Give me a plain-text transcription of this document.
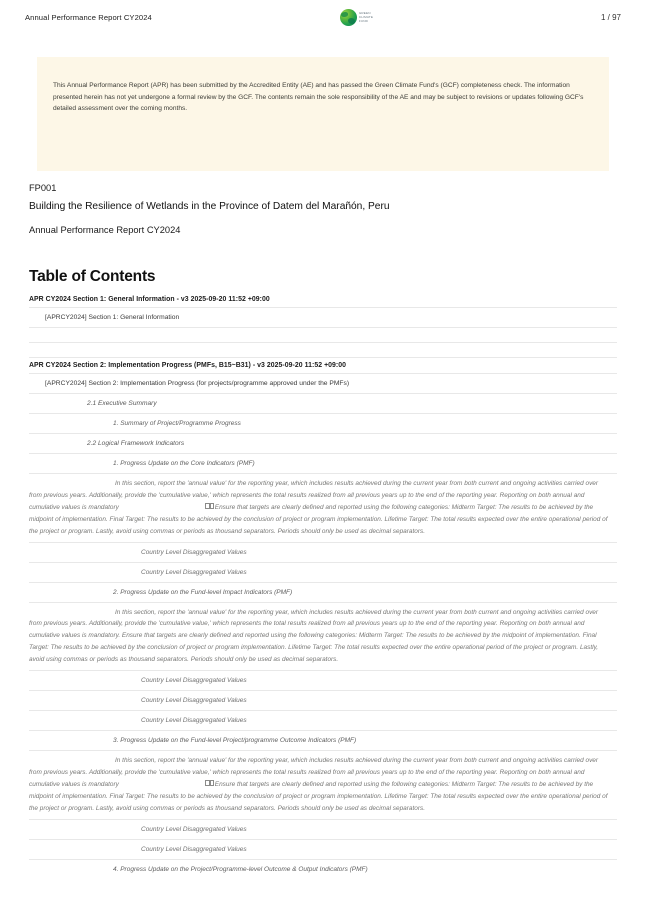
Annual Performance Report CY2024	GREEN
CLIMATE
FUND	1 / 97
This Annual Performance Report (APR) has been submitted by the Accredited Entity (AE) and has passed the Green Climate Fund's (GCF) completeness check. The information presented herein has not yet undergone a formal review by the GCF. The contents remain the sole responsibility of the AE and may be subject to revisions or updates following GCF's detailed assessment over the coming months.
FP001
Building the Resilience of Wetlands in the Province of Datem del Marañón, Peru
Annual Performance Report CY2024
Table of Contents
APR CY2024 Section 1: General Information - v3 2025-09-20 11:52 +09:00
[APRCY2024] Section 1: General Information
APR CY2024 Section 2: Implementation Progress (PMFs, B15~B31) - v3 2025-09-20 11:52 +09:00
[APRCY2024] Section 2: Implementation Progress (for projects/programme approved under the PMFs)
2.1 Executive Summary
1. Summary of Project/Programme Progress
2.2 Logical Framework Indicators
1. Progress Update on the Core Indicators (PMF)
In this section, report the 'annual value' for the reporting year, which includes results achieved during the current year from both current and ongoing activities carried over from previous years. Additionally, provide the 'cumulative value,' which represents the total results realized from all previous years up to the end of the reporting year. Reporting on both annual and cumulative values is mandatory	Ensure that targets are clearly defined and reported using the following categories: Midterm Target: The results to be achieved by the midpoint of implementation. Final Target: The results to be achieved by the conclusion of project or program implementation. Lifetime Target: The total results expected over the entire operational period of the project or program. Lastly, avoid using commas or periods as thousand separators. Periods should only be used as decimal separators.
Country Level Disaggregated Values
Country Level Disaggregated Values
2. Progress Update on the Fund-level Impact Indicators (PMF)
In this section, report the 'annual value' for the reporting year, which includes results achieved during the current year from both current and ongoing activities carried over from previous years. Additionally, provide the 'cumulative value,' which represents the total results realized from all previous years up to the end of the reporting year. Reporting on both annual and cumulative values is mandatory. Ensure that targets are clearly defined and reported using the following categories: Midterm Target: The results to be achieved by the midpoint of implementation. Final Target: The results to be achieved by the conclusion of project or program implementation. Lifetime Target: The total results expected over the entire operational period of the project or program. Lastly, avoid using commas or periods as thousand separators. Periods should only be used as decimal separators.
Country Level Disaggregated Values
Country Level Disaggregated Values
Country Level Disaggregated Values
3. Progress Update on the Fund-level Project/programme Outcome Indicators (PMF)
In this section, report the 'annual value' for the reporting year, which includes results achieved during the current year from both current and ongoing activities carried over from previous years. Additionally, provide the 'cumulative value,' which represents the total results realized from all previous years up to the end of the reporting year. Reporting on both annual and cumulative values is mandatory	Ensure that targets are clearly defined and reported using the following categories: Midterm Target: The results to be achieved by the midpoint of implementation. Final Target: The results to be achieved by the conclusion of project or program implementation. Lifetime Target: The total results expected over the entire operational period of the project or program. Lastly, avoid using commas or periods as thousand separators. Periods should only be used as decimal separators.
Country Level Disaggregated Values
Country Level Disaggregated Values
4. Progress Update on the Project/Programme-level Outcome & Output Indicators (PMF)
